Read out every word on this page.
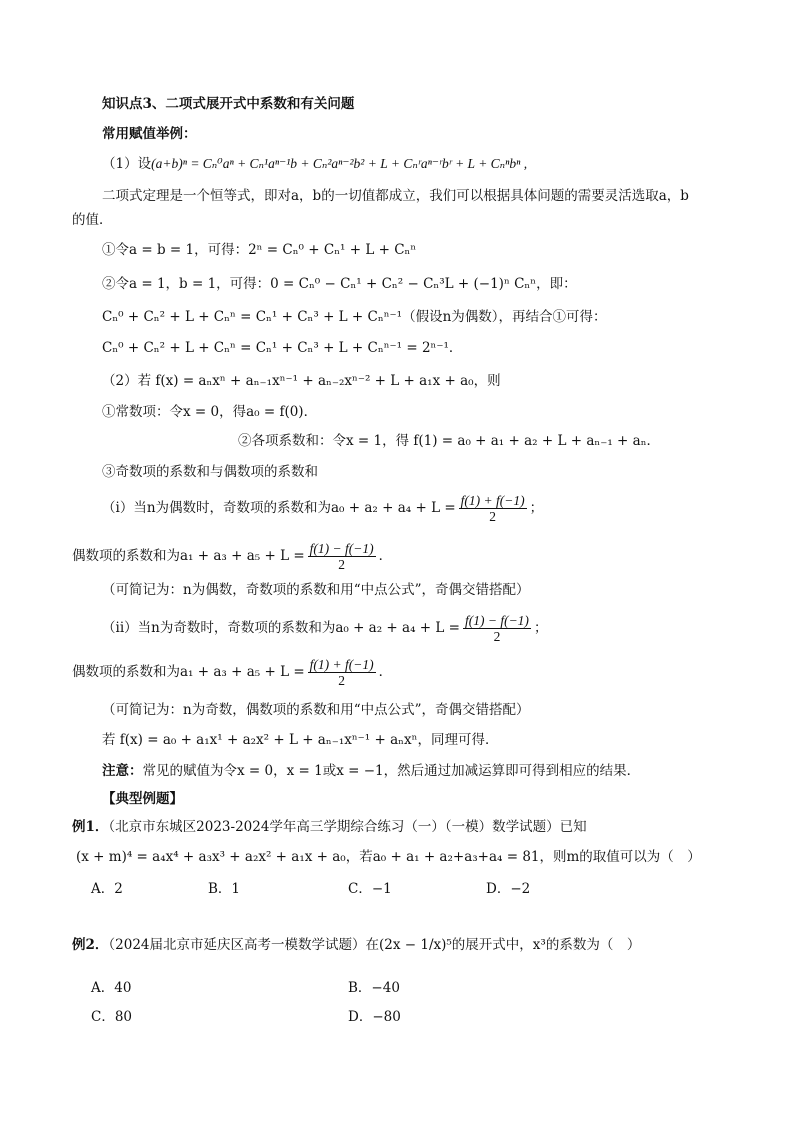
知识点3、二项式展开式中系数和有关问题
常用赋值举例：
（1）设(a+b)ⁿ = Cₙ⁰aⁿ + Cₙ¹aⁿ⁻¹b + Cₙ²aⁿ⁻²b² + L + Cₙʳaⁿ⁻ʳbʳ + L + Cₙⁿbⁿ ,
二项式定理是一个恒等式，即对a，b的一切值都成立，我们可以根据具体问题的需要灵活选取a，b
的值．
①令a = b = 1，可得：2ⁿ = Cₙ⁰ + Cₙ¹ + L + Cₙⁿ
②令a = 1，b = 1，可得：0 = Cₙ⁰ − Cₙ¹ + Cₙ² − Cₙ³L + (−1)ⁿ Cₙⁿ，即：
Cₙ⁰ + Cₙ² + L + Cₙⁿ = Cₙ¹ + Cₙ³ + L + Cₙⁿ⁻¹（假设n为偶数），再结合①可得：
Cₙ⁰ + Cₙ² + L + Cₙⁿ = Cₙ¹ + Cₙ³ + L + Cₙⁿ⁻¹ = 2ⁿ⁻¹．
（2）若 f(x) = aₙxⁿ + aₙ₋₁xⁿ⁻¹ + aₙ₋₂xⁿ⁻² + L + a₁x + a₀，则
①常数项：令x = 0，得a₀ = f(0)．
②各项系数和：令x = 1，得 f(1) = a₀ + a₁ + a₂ + L + aₙ₋₁ + aₙ．
③奇数项的系数和与偶数项的系数和
（i）当n为偶数时，奇数项的系数和为$a_0 + a_2 + a_4 + L = \frac{f(1) + f(-1)}{2}$ ；
偶数项的系数和为$a_1 + a_3 + a_5 + L = \frac{f(1) - f(-1)}{2}$ ．
（可简记为：n为偶数，奇数项的系数和用“中点公式”，奇偶交错搭配）
（ii）当n为奇数时，奇数项的系数和为$a_0 + a_2 + a_4 + L = \frac{f(1) - f(-1)}{2}$ ；
偶数项的系数和为$a_1 + a_3 + a_5 + L = \frac{f(1) + f(-1)}{2}$ ．
（可简记为：n为奇数，偶数项的系数和用“中点公式”，奇偶交错搭配）
若 f(x) = a₀ + a₁x¹ + a₂x² + L + aₙ₋₁xⁿ⁻¹ + aₙxⁿ，同理可得．
注意：常见的赋值为令x = 0，x = 1或x = −1，然后通过加减运算即可得到相应的结果．
【典型例题】
例1．（北京市东城区2023-2024学年高三学期综合练习（一）（一模）数学试题）已知
(x + m)⁴ = a₄x⁴ + a₃x³ + a₂x² + a₁x + a₀，若a₀ + a₁ + a₂+a₃+a₄ = 81，则m的取值可以为（　）
A．2	B．1	C．−1	D．−2
例2．（2024届北京市延庆区高考一模数学试题）在(2x − 1/x)⁵的展开式中，x³的系数为（　）
A．40	B．−40
C．80	D．−80
